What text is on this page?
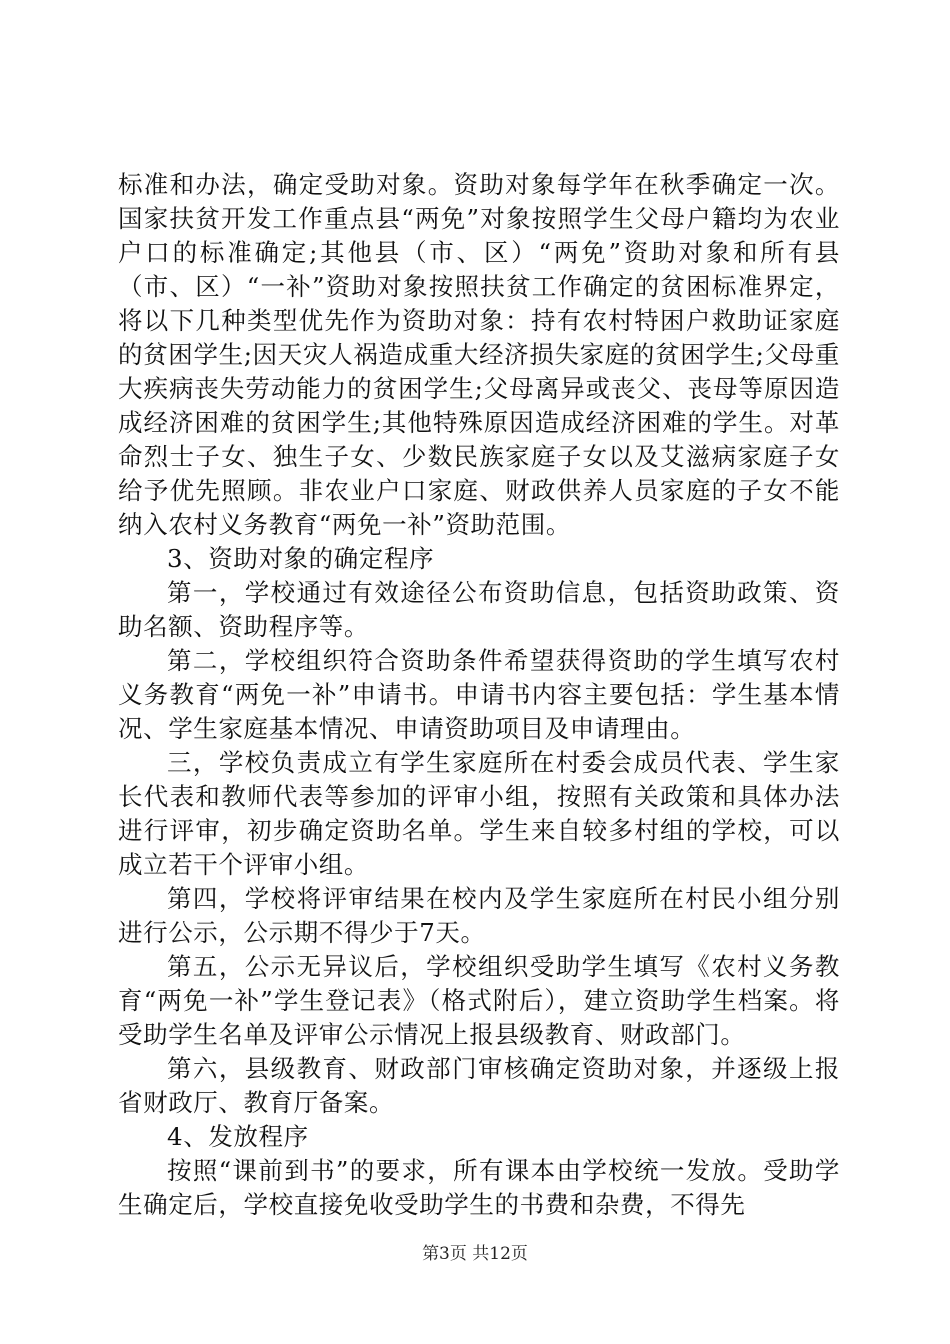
标准和办法，确定受助对象。资助对象每学年在秋季确定一次。国家扶贫开发工作重点县“两免”对象按照学生父母户籍均为农业户口的标准确定;其他县（市、区）“两免”资助对象和所有县（市、区）“一补”资助对象按照扶贫工作确定的贫困标准界定，将以下几种类型优先作为资助对象：持有农村特困户救助证家庭的贫困学生;因天灾人祸造成重大经济损失家庭的贫困学生;父母重大疾病丧失劳动能力的贫困学生;父母离异或丧父、丧母等原因造成经济困难的贫困学生;其他特殊原因造成经济困难的学生。对革命烈士子女、独生子女、少数民族家庭子女以及艾滋病家庭子女给予优先照顾。非农业户口家庭、财政供养人员家庭的子女不能纳入农村义务教育“两免一补”资助范围。

3、资助对象的确定程序

第一，学校通过有效途径公布资助信息，包括资助政策、资助名额、资助程序等。

第二，学校组织符合资助条件希望获得资助的学生填写农村义务教育“两免一补”申请书。申请书内容主要包括：学生基本情况、学生家庭基本情况、申请资助项目及申请理由。

三，学校负责成立有学生家庭所在村委会成员代表、学生家长代表和教师代表等参加的评审小组，按照有关政策和具体办法进行评审，初步确定资助名单。学生来自较多村组的学校，可以成立若干个评审小组。

第四，学校将评审结果在校内及学生家庭所在村民小组分别进行公示，公示期不得少于7天。

第五，公示无异议后，学校组织受助学生填写《农村义务教育“两免一补”学生登记表》（格式附后），建立资助学生档案。将受助学生名单及评审公示情况上报县级教育、财政部门。

第六，县级教育、财政部门审核确定资助对象，并逐级上报省财政厅、教育厅备案。

4、发放程序

按照“课前到书”的要求，所有课本由学校统一发放。受助学生确定后，学校直接免收受助学生的书费和杂费，不得先

第3页 共12页
